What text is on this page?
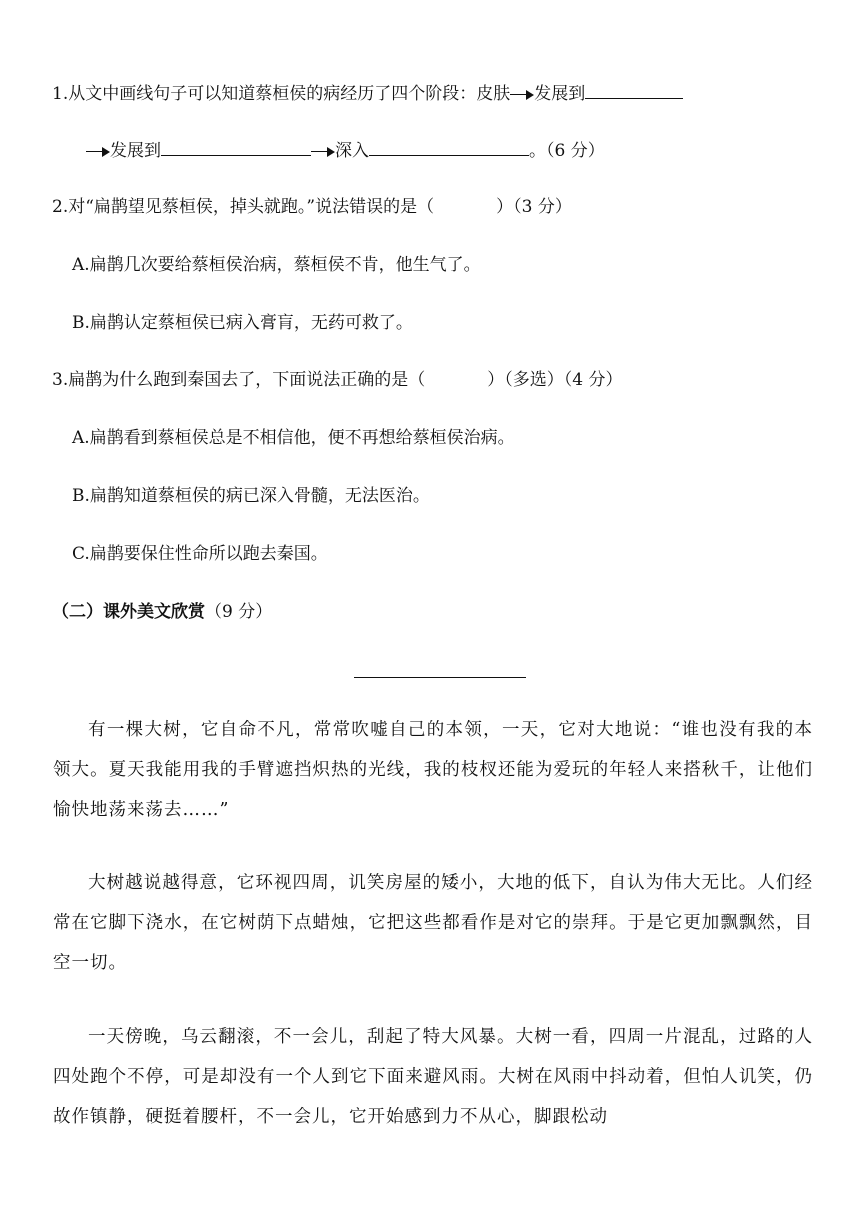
1.从文中画线句子可以知道蔡桓侯的病经历了四个阶段：皮肤 发展到
发展到	深入	。（6 分）
2.对“扁鹊望见蔡桓侯，掉头就跑。”说法错误的是（	）（3 分）
A.扁鹊几次要给蔡桓侯治病，蔡桓侯不肯，他生气了。
B.扁鹊认定蔡桓侯已病入膏肓，无药可救了。
3.扁鹊为什么跑到秦国去了，下面说法正确的是（	）（多选）（4 分）
A.扁鹊看到蔡桓侯总是不相信他，便不再想给蔡桓侯治病。
B.扁鹊知道蔡桓侯的病已深入骨髓，无法医治。
C.扁鹊要保住性命所以跑去秦国。
（二）课外美文欣赏（9 分）
有一棵大树，它自命不凡，常常吹嘘自己的本领，一天，它对大地说：“谁也没有我的本领大。夏天我能用我的手臂遮挡炽热的光线，我的枝杈还能为爱玩的年轻人来搭秋千，让他们愉快地荡来荡去……”
大树越说越得意，它环视四周，讥笑房屋的矮小，大地的低下，自认为伟大无比。人们经常在它脚下浇水，在它树荫下点蜡烛，它把这些都看作是对它的崇拜。于是它更加飘飘然，目空一切。
一天傍晚，乌云翻滚，不一会儿，刮起了特大风暴。大树一看，四周一片混乱，过路的人四处跑个不停，可是却没有一个人到它下面来避风雨。大树在风雨中抖动着，但怕人讥笑，仍故作镇静，硬挺着腰杆，不一会儿，它开始感到力不从心，脚跟松动
